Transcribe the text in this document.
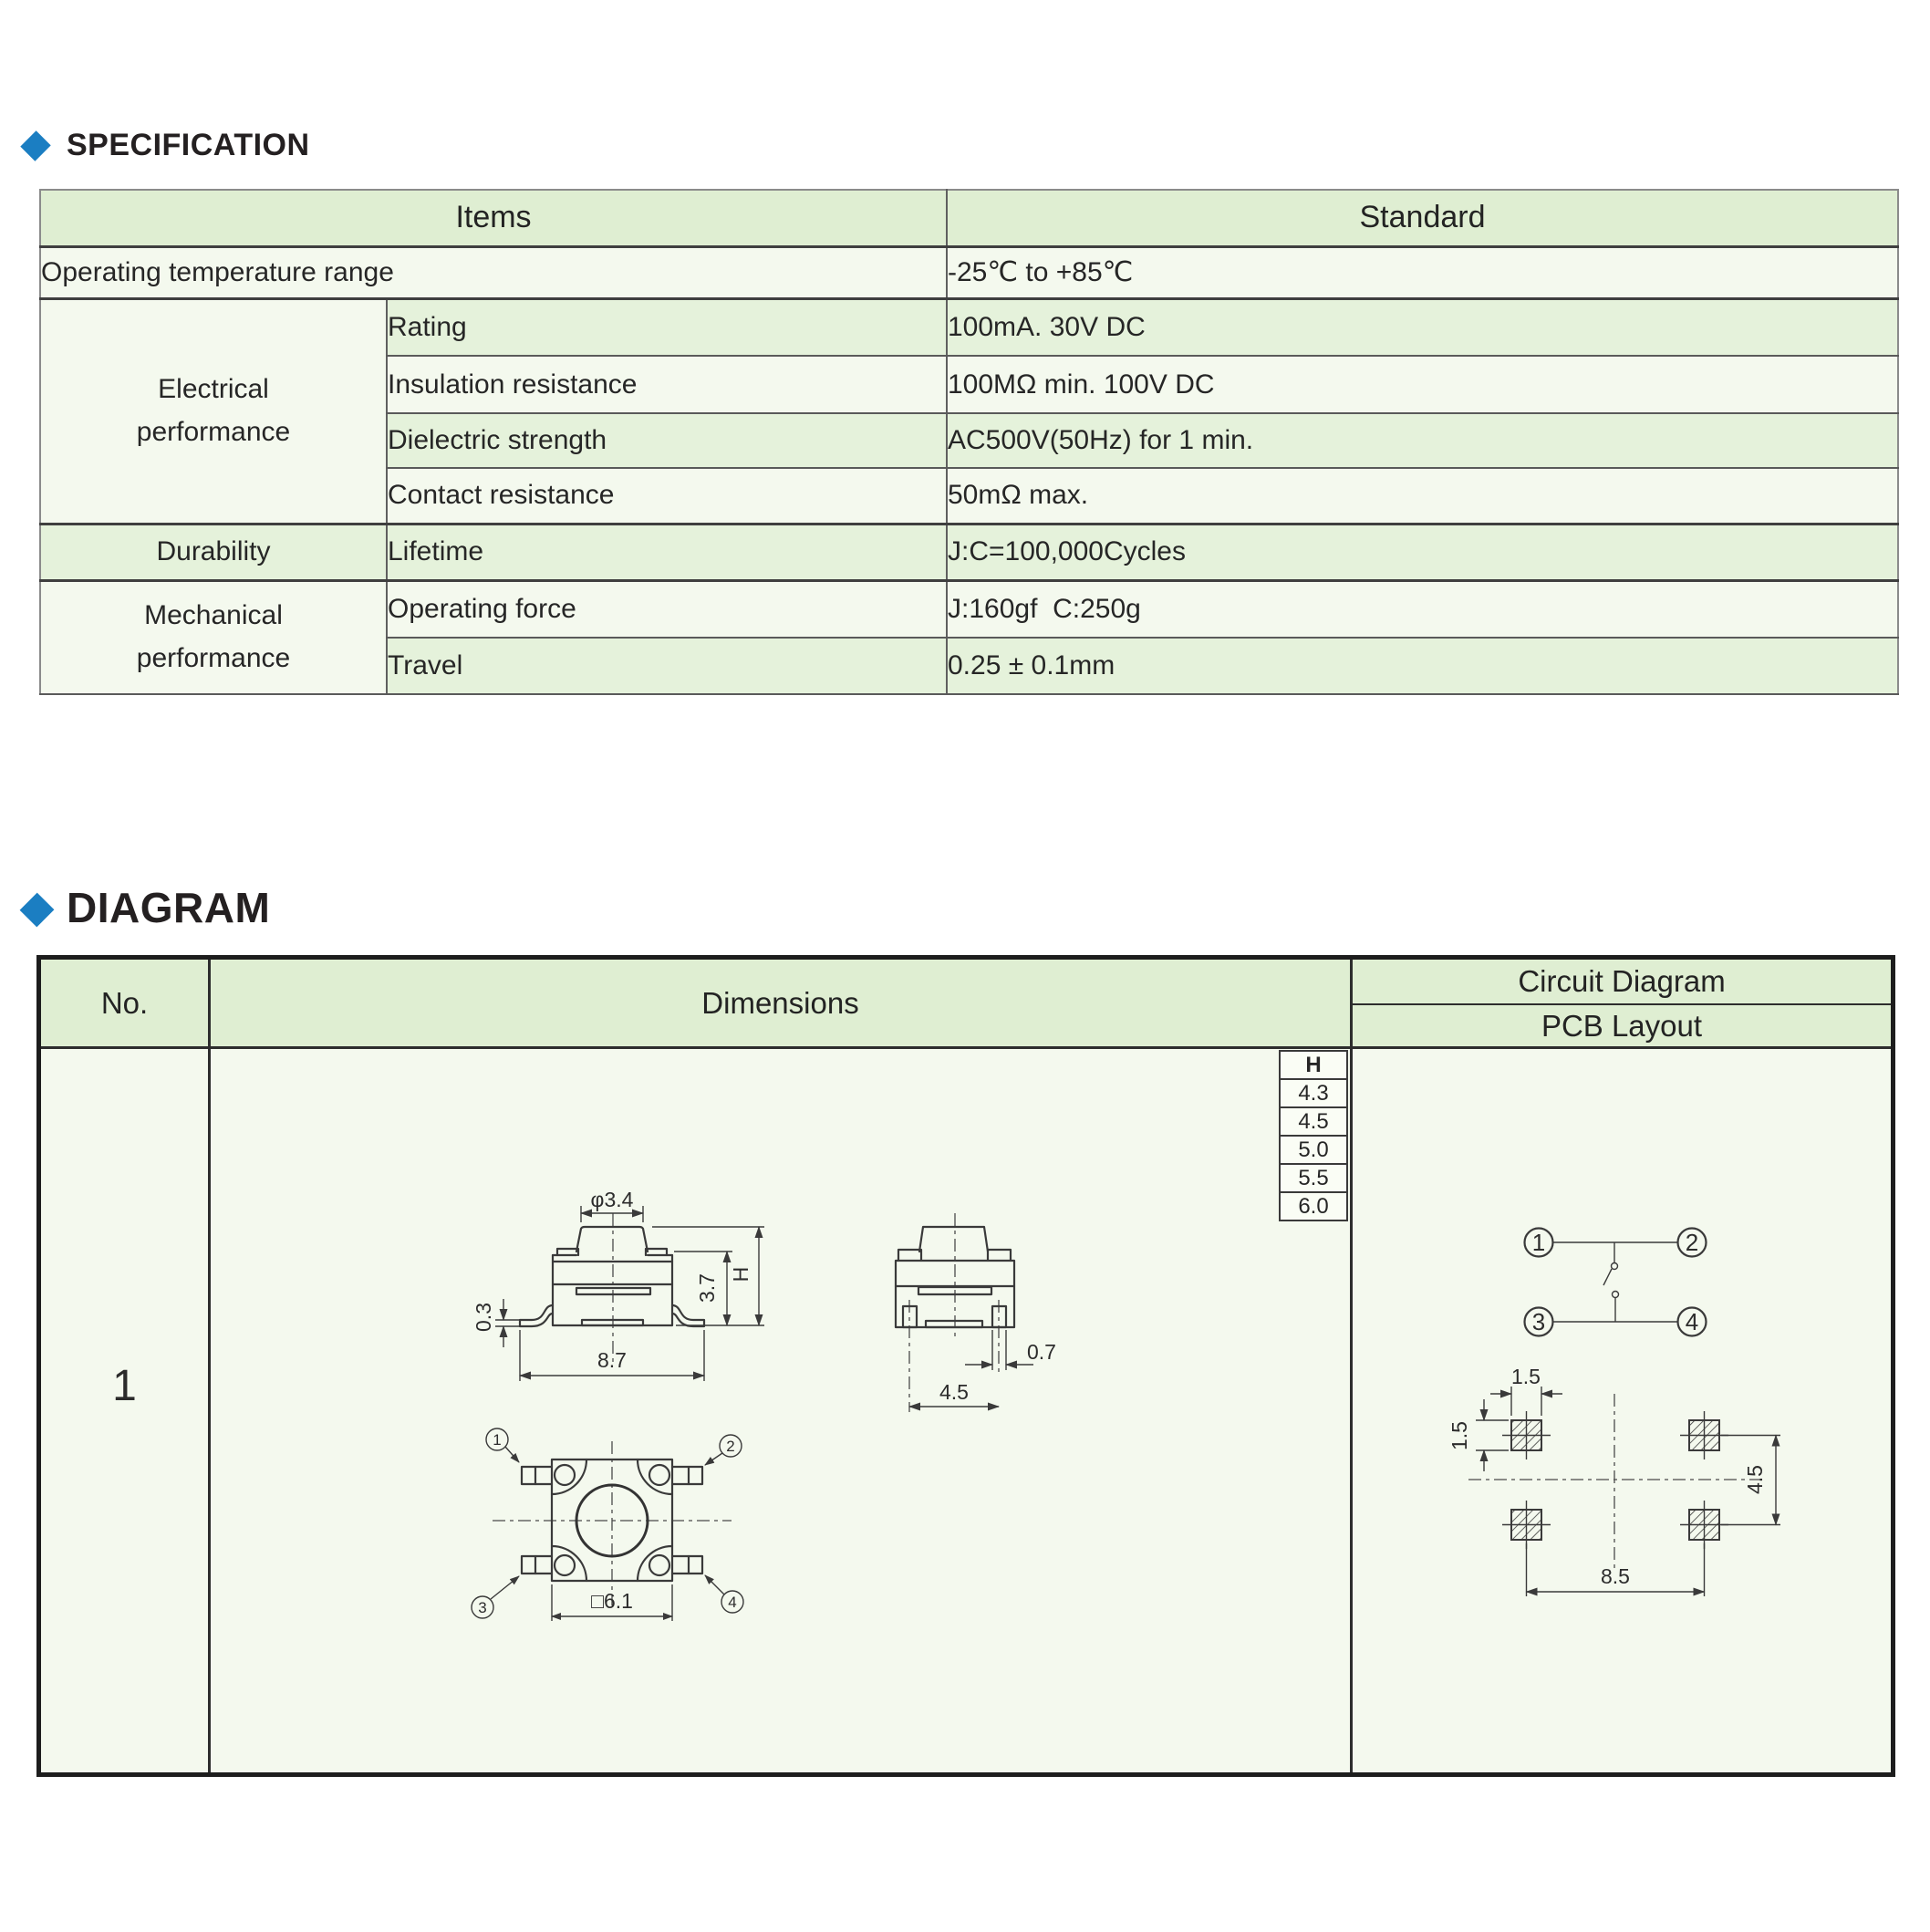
SPECIFICATION
Items		Standard
Operating temperature range		-25℃ to +85℃

Electrical performance	Rating	100mA. 30V DC
	Insulation resistance	100MΩ min. 100V DC
	Dielectric strength	AC500V(50Hz) for 1 min.
	Contact resistance	50mΩ max.

Durability	Lifetime	J:C=100,000Cycles

Mechanical performance	Operating force	J:160gf  C:250g
	Travel	0.25 ± 0.1mm
DIAGRAM
No.	Dimensions
Circuit Diagram
PCB Layout
1
H
4.3
4.5
5.0
5.5
6.0
φ3.4
3.7 H
0.3
8.7	0.7
4.5
1	2
3	4
□6.1
1	2
3	4
1.5
1.5
4.5
8.5
